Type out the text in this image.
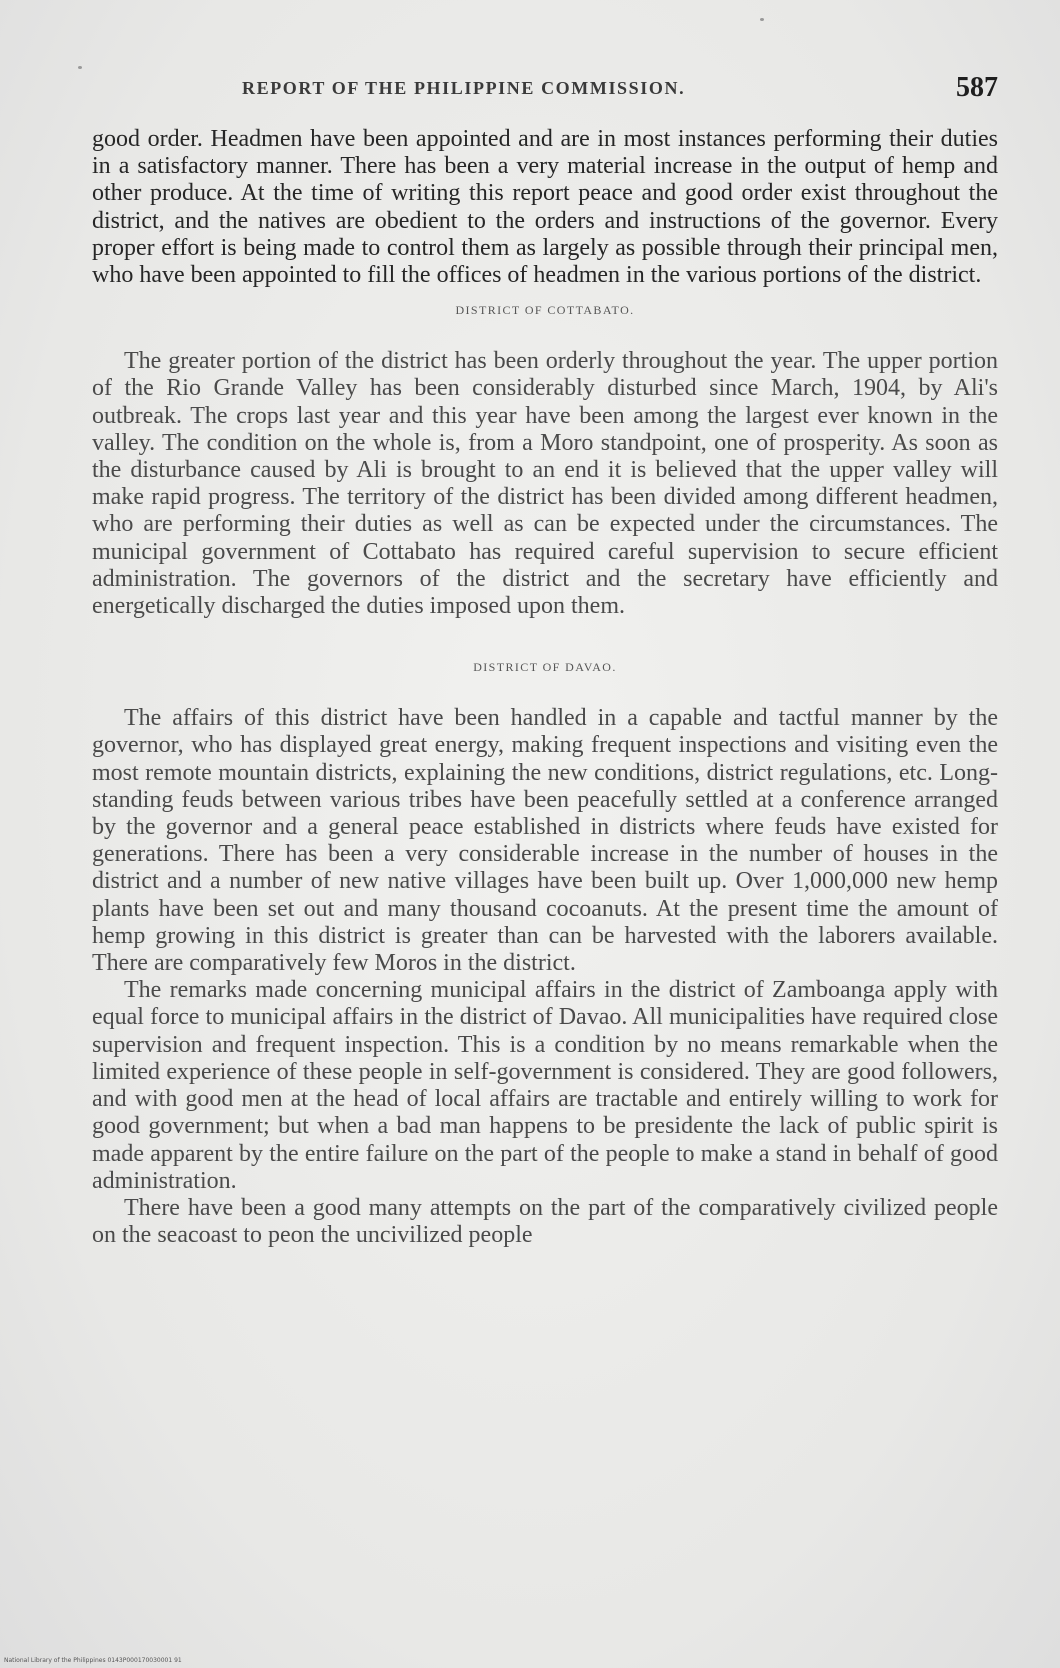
REPORT OF THE PHILIPPINE COMMISSION.	587

good order. Headmen have been appointed and are in most instances performing their duties in a satisfactory manner. There has been a very material increase in the output of hemp and other produce. At the time of writing this report peace and good order exist throughout the district, and the natives are obedient to the orders and instructions of the governor. Every proper effort is being made to control them as largely as possible through their principal men, who have been appointed to fill the offices of headmen in the various portions of the district.

DISTRICT OF COTTABATO.

The greater portion of the district has been orderly throughout the year. The upper portion of the Rio Grande Valley has been considerably disturbed since March, 1904, by Ali's outbreak. The crops last year and this year have been among the largest ever known in the valley. The condition on the whole is, from a Moro standpoint, one of prosperity. As soon as the disturbance caused by Ali is brought to an end it is believed that the upper valley will make rapid progress. The territory of the district has been divided among different headmen, who are performing their duties as well as can be expected under the circumstances. The municipal government of Cottabato has required careful supervision to secure efficient administration. The governors of the district and the secretary have efficiently and energetically discharged the duties imposed upon them.

DISTRICT OF DAVAO.

The affairs of this district have been handled in a capable and tactful manner by the governor, who has displayed great energy, making frequent inspections and visiting even the most remote mountain districts, explaining the new conditions, district regulations, etc. Long-standing feuds between various tribes have been peacefully settled at a conference arranged by the governor and a general peace established in districts where feuds have existed for generations. There has been a very considerable increase in the number of houses in the district and a number of new native villages have been built up. Over 1,000,000 new hemp plants have been set out and many thousand cocoanuts. At the present time the amount of hemp growing in this district is greater than can be harvested with the laborers available. There are comparatively few Moros in the district.

The remarks made concerning municipal affairs in the district of Zamboanga apply with equal force to municipal affairs in the district of Davao. All municipalities have required close supervision and frequent inspection. This is a condition by no means remarkable when the limited experience of these people in self-government is considered. They are good followers, and with good men at the head of local affairs are tractable and entirely willing to work for good government; but when a bad man happens to be presidente the lack of public spirit is made apparent by the entire failure on the part of the people to make a stand in behalf of good administration.

There have been a good many attempts on the part of the comparatively civilized people on the seacoast to peon the uncivilized people

National Library of the Philippines 0143P000170030001 91
